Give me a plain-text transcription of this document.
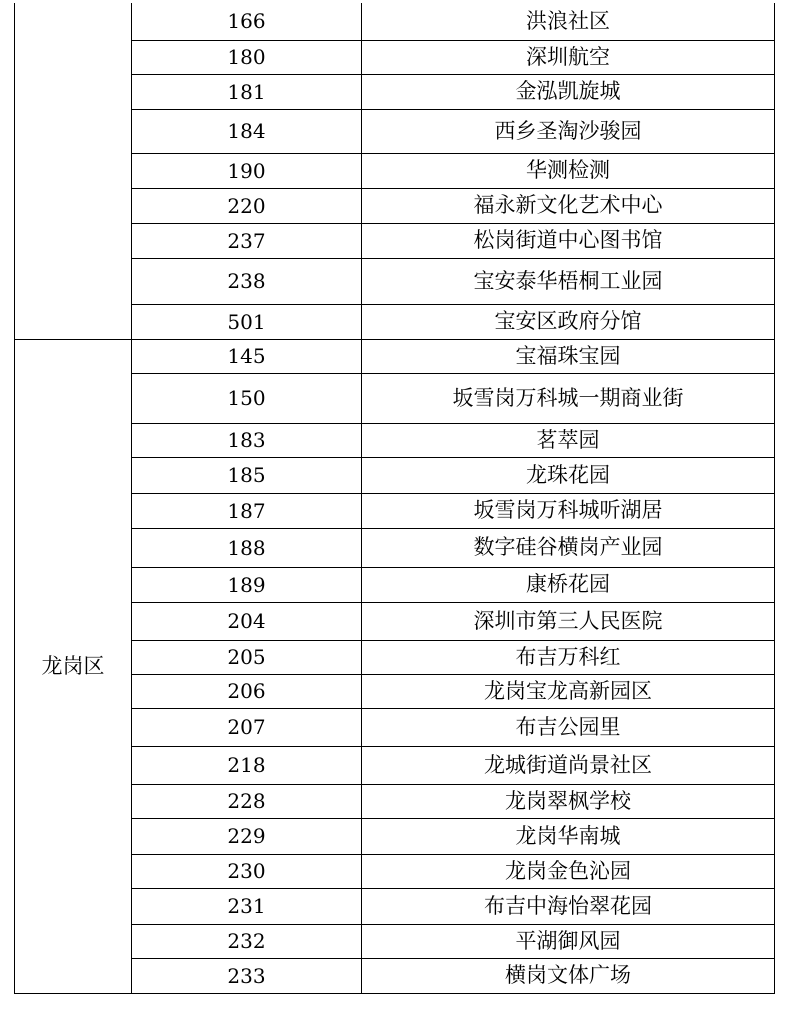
	166	洪浪社区
	180	深圳航空
	181	金泓凯旋城
	184	西乡圣淘沙骏园
	190	华测检测
	220	福永新文化艺术中心
	237	松岗街道中心图书馆
	238	宝安泰华梧桐工业园
	501	宝安区政府分馆
龙岗区	145	宝福珠宝园
	150	坂雪岗万科城一期商业街
	183	茗萃园
	185	龙珠花园
	187	坂雪岗万科城听湖居
	188	数字硅谷横岗产业园
	189	康桥花园
	204	深圳市第三人民医院
	205	布吉万科红
	206	龙岗宝龙高新园区
	207	布吉公园里
	218	龙城街道尚景社区
	228	龙岗翠枫学校
	229	龙岗华南城
	230	龙岗金色沁园
	231	布吉中海怡翠花园
	232	平湖御风园
	233	横岗文体广场
